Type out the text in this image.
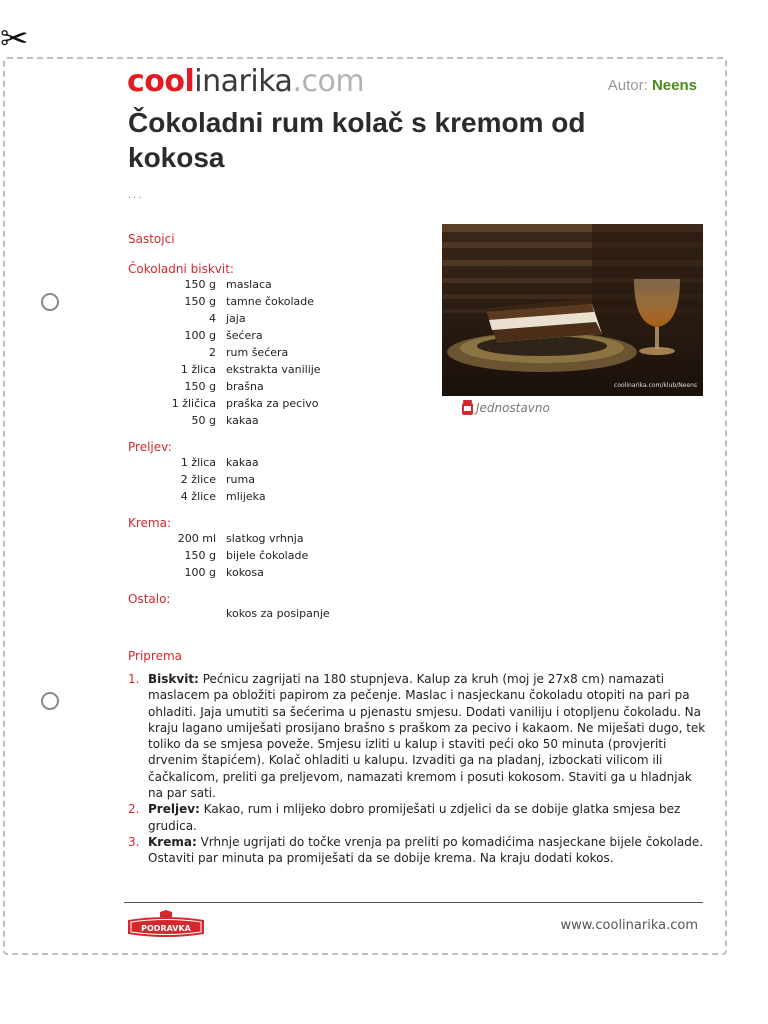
✂
coolinarika.com	Autor: Neens
Čokoladni rum kolač s kremom od kokosa
...
Sastojci
Čokoladni biskvit:
150 g maslaca
150 g tamne čokolade
4 jaja
100 g šećera
2 rum šećera
1 žlica ekstrakta vanilije
150 g brašna
1 žličica praška za pecivo
50 g kakaa
Preljev:
1 žlica kakaa
2 žlice ruma
4 žlice mlijeka
Krema:
200 ml slatkog vrhnja
150 g bijele čokolade
100 g kokosa
Ostalo:
kokos za posipanje
coolinarika.com/klub/Neens
Jednostavno
Priprema
1. Biskvit: Pećnicu zagrijati na 180 stupnjeva. Kalup za kruh (moj je 27x8 cm) namazati maslacem pa obložiti papirom za pečenje. Maslac i nasjeckanu čokoladu otopiti na pari pa ohladiti. Jaja umutiti sa šećerima u pjenastu smjesu. Dodati vaniliju i otopljenu čokoladu. Na kraju lagano umiješati prosijano brašno s praškom za pecivo i kakaom. Ne miješati dugo, tek toliko da se smjesa poveže. Smjesu izliti u kalup i staviti peći oko 50 minuta (provjeriti drvenim štapićem). Kolač ohladiti u kalupu. Izvaditi ga na pladanj, izbockati vilicom ili čačkalicom, preliti ga preljevom, namazati kremom i posuti kokosom. Staviti ga u hladnjak na par sati.
2. Preljev: Kakao, rum i mlijeko dobro promiješati u zdjelici da se dobije glatka smjesa bez grudica.
3. Krema: Vrhnje ugrijati do točke vrenja pa preliti po komadićima nasjeckane bijele čokolade. Ostaviti par minuta pa promiješati da se dobije krema. Na kraju dodati kokos.
PODRAVKA	www.coolinarika.com
